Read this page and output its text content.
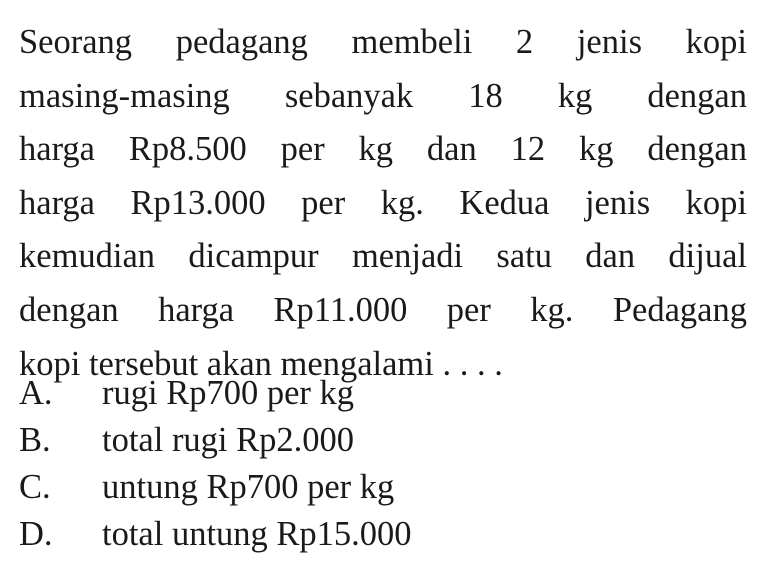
Seorang pedagang membeli 2 jenis kopi
masing-masing sebanyak 18 kg dengan
harga Rp8.500 per kg dan 12 kg dengan
harga Rp13.000 per kg. Kedua jenis kopi
kemudian dicampur menjadi satu dan dijual
dengan harga Rp11.000 per kg. Pedagang

kopi tersebut akan mengalami . . . .
A. rugi Rp700 per kg
B. total rugi Rp2.000
C. untung Rp700 per kg
D. total untung Rp15.000
